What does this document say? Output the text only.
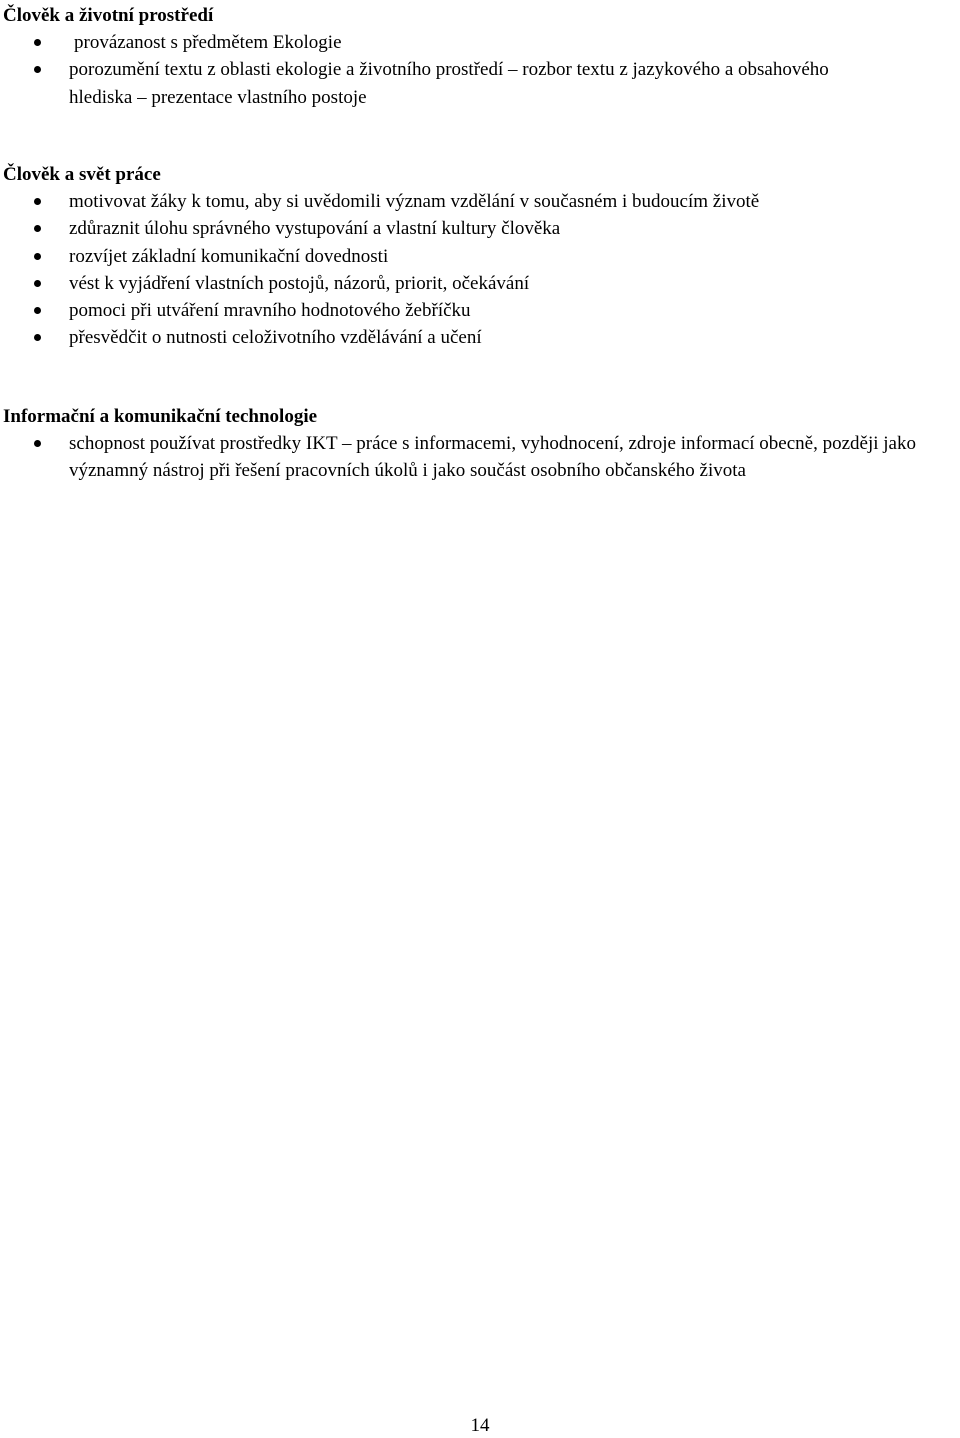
Člověk a životní prostředí
provázanost s předmětem Ekologie
porozumění textu z oblasti ekologie a životního prostředí – rozbor textu z jazykového a obsahového hlediska – prezentace vlastního postoje
Člověk a svět práce
motivovat žáky k tomu, aby si uvědomili význam vzdělání v současném i budoucím životě
zdůraznit úlohu správného vystupování a vlastní kultury člověka
rozvíjet základní komunikační dovednosti
vést k vyjádření vlastních postojů, názorů, priorit, očekávání
pomoci při utváření mravního hodnotového žebříčku
přesvědčit o nutnosti celoživotního vzdělávání a učení
Informační a komunikační technologie
schopnost používat prostředky IKT – práce s informacemi, vyhodnocení, zdroje informací obecně, později jako významný nástroj při řešení pracovních úkolů i jako součást osobního občanského života
14
